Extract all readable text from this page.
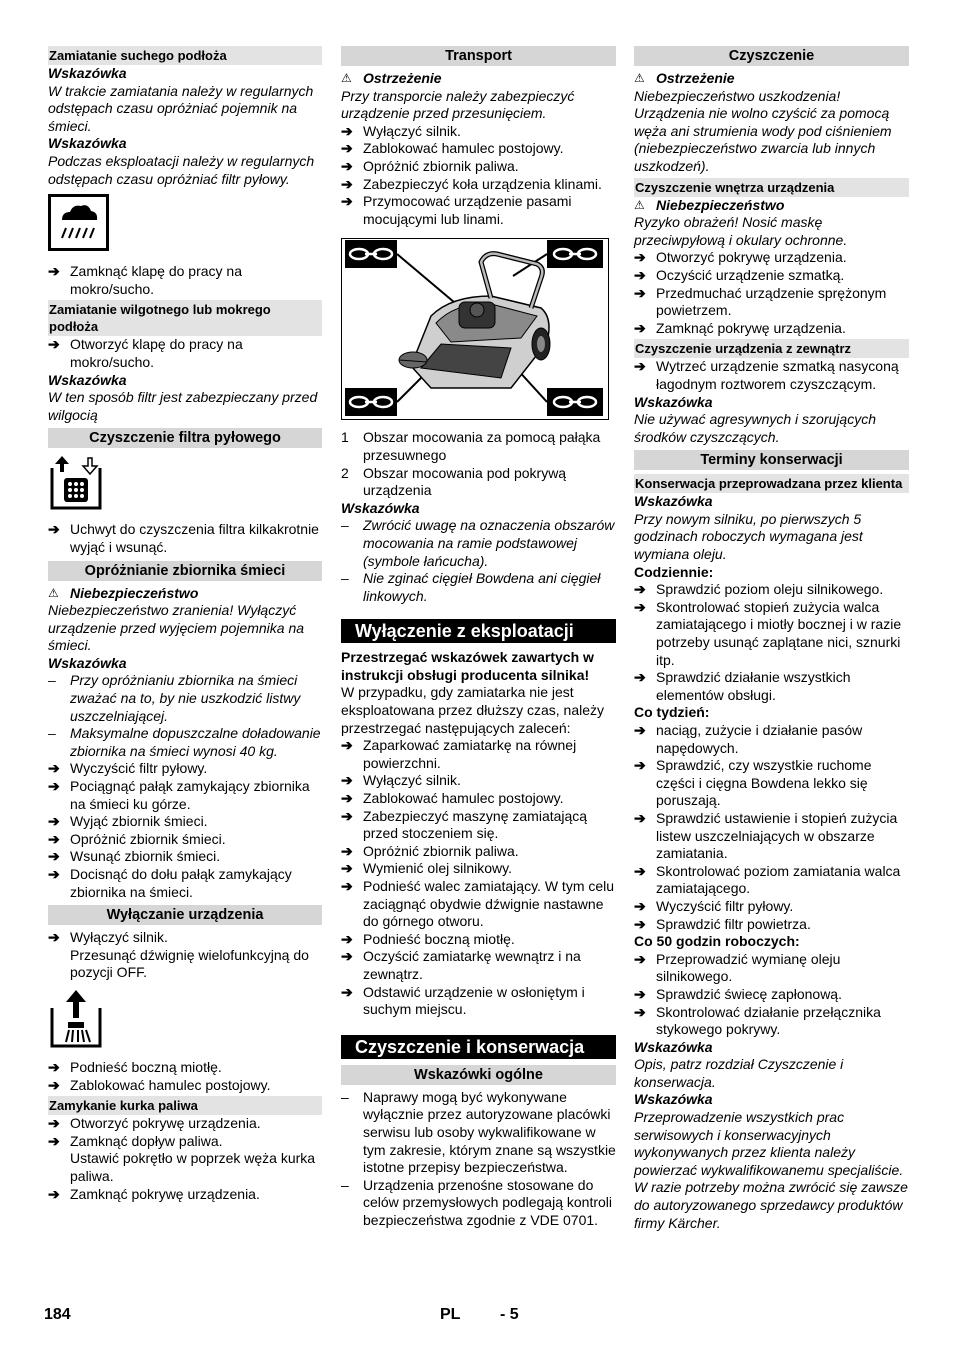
Zamiatanie suchego podłoża

Wskazówka

W trakcie zamiatania należy w regularnych odstępach czasu opróżniać pojemnik na śmieci.

Wskazówka

Podczas eksploatacji należy w regularnych odstępach czasu opróżniać filtr pyłowy.

➔ Zamknąć klapę do pracy na mokro/sucho.
Zamiatanie wilgotnego lub mokrego podłoża
➔ Otworzyć klapę do pracy na mokro/sucho.

Wskazówka

W ten sposób filtr jest zabezpieczany przed wilgocią

Czyszczenie filtra pyłowego
➔ Uchwyt do czyszczenia filtra kilkakrotnie wyjąć i wsunąć.
Opróżnianie zbiornika śmieci
⚠ Niebezpieczeństwo

Niebezpieczeństwo zranienia! Wyłączyć urządzenie przed wyjęciem pojemnika na śmieci.

Wskazówka

–	Przy opróżnianiu zbiornika na śmieci zważać na to, by nie uszkodzić listwy uszczelniającej.
–	Maksymalne dopuszczalne doładowanie zbiornika na śmieci wynosi 40 kg.
➔ Wyczyścić filtr pyłowy.
➔ Pociągnąć pałąk zamykający zbiornika na śmieci ku górze.
➔ Wyjąć zbiornik śmieci.
➔ Opróżnić zbiornik śmieci.
➔ Wsunąć zbiornik śmieci.
➔ Docisnąć do dołu pałąk zamykający zbiornika na śmieci.
Wyłączanie urządzenia
➔ Wyłączyć silnik.
Przesunąć dźwignię wielofunkcyjną do pozycji OFF.
➔ Podnieść boczną miotłę.
➔ Zablokować hamulec postojowy.
Zamykanie kurka paliwa
➔ Otworzyć pokrywę urządzenia.
➔ Zamknąć dopływ paliwa.
Ustawić pokrętło w poprzek węża kurka paliwa.
➔ Zamknąć pokrywę urządzenia.
Transport
⚠ Ostrzeżenie

Przy transporcie należy zabezpieczyć urządzenie przed przesunięciem.

➔ Wyłączyć silnik.
➔ Zablokować hamulec postojowy.
➔ Opróżnić zbiornik paliwa.
➔ Zabezpieczyć koła urządzenia klinami.
➔ Przymocować urządzenie pasami mocującymi lub linami.
1	Obszar mocowania za pomocą pałąka przesuwnego
2	Obszar mocowania pod pokrywą urządzenia

Wskazówka

–	Zwrócić uwagę na oznaczenia obszarów mocowania na ramie podstawowej (symbole łańcucha).
–	Nie zginać cięgieł Bowdena ani cięgieł linkowych.
Wyłączenie z eksploatacji

Przestrzegać wskazówek zawartych w instrukcji obsługi producenta silnika!

W przypadku, gdy zamiatarka nie jest eksploatowana przez dłuższy czas, należy przestrzegać następujących zaleceń:

➔ Zaparkować zamiatarkę na równej powierzchni.
➔ Wyłączyć silnik.
➔ Zablokować hamulec postojowy.
➔ Zabezpieczyć maszynę zamiatającą przed stoczeniem się.
➔ Opróżnić zbiornik paliwa.
➔ Wymienić olej silnikowy.
➔ Podnieść walec zamiatający. W tym celu zaciągnąć obydwie dźwignie nastawne do górnego otworu.
➔ Podnieść boczną miotłę.
➔ Oczyścić zamiatarkę wewnątrz i na zewnątrz.
➔ Odstawić urządzenie w osłoniętym i suchym miejscu.
Czyszczenie i konserwacja
Wskazówki ogólne
–	Naprawy mogą być wykonywane wyłącznie przez autoryzowane placówki serwisu lub osoby wykwalifikowane w tym zakresie, którym znane są wszystkie istotne przepisy bezpieczeństwa.
–	Urządzenia przenośne stosowane do celów przemysłowych podlegają kontroli bezpieczeństwa zgodnie z VDE 0701.
Czyszczenie
⚠ Ostrzeżenie

Niebezpieczeństwo uszkodzenia! Urządzenia nie wolno czyścić za pomocą węża ani strumienia wody pod ciśnieniem (niebezpieczeństwo zwarcia lub innych uszkodzeń).

Czyszczenie wnętrza urządzenia
⚠ Niebezpieczeństwo

Ryzyko obrażeń! Nosić maskę przeciwpyłową i okulary ochronne.

➔ Otworzyć pokrywę urządzenia.
➔ Oczyścić urządzenie szmatką.
➔ Przedmuchać urządzenie sprężonym powietrzem.
➔ Zamknąć pokrywę urządzenia.
Czyszczenie urządzenia z zewnątrz
➔ Wytrzeć urządzenie szmatką nasyconą łagodnym roztworem czyszczącym.

Wskazówka

Nie używać agresywnych i szorujących środków czyszczących.

Terminy konserwacji
Konserwacja przeprowadzana przez klienta

Wskazówka

Przy nowym silniku, po pierwszych 5 godzinach roboczych wymagana jest wymiana oleju.

Codziennie:

➔ Sprawdzić poziom oleju silnikowego.
➔ Skontrolować stopień zużycia walca zamiatającego i miotły bocznej i w razie potrzeby usunąć zaplątane nici, sznurki itp.
➔ Sprawdzić działanie wszystkich elementów obsługi.

Co tydzień:

➔ naciąg, zużycie i działanie pasów napędowych.
➔ Sprawdzić, czy wszystkie ruchome części i cięgna Bowdena lekko się poruszają.
➔ Sprawdzić ustawienie i stopień zużycia listew uszczelniających w obszarze zamiatania.
➔ Skontrolować poziom zamiatania walca zamiatającego.
➔ Wyczyścić filtr pyłowy.
➔ Sprawdzić filtr powietrza.

Co 50 godzin roboczych:

➔ Przeprowadzić wymianę oleju silnikowego.
➔ Sprawdzić świecę zapłonową.
➔ Skontrolować działanie przełącznika stykowego pokrywy.

Wskazówka

Opis, patrz rozdział Czyszczenie i konserwacja.

Wskazówka

Przeprowadzenie wszystkich prac serwisowych i konserwacyjnych wykonywanych przez klienta należy powierzać wykwalifikowanemu specjaliście. W razie potrzeby można zwrócić się zawsze do autoryzowanego sprzedawcy produktów firmy Kärcher.

184	PL - 5
